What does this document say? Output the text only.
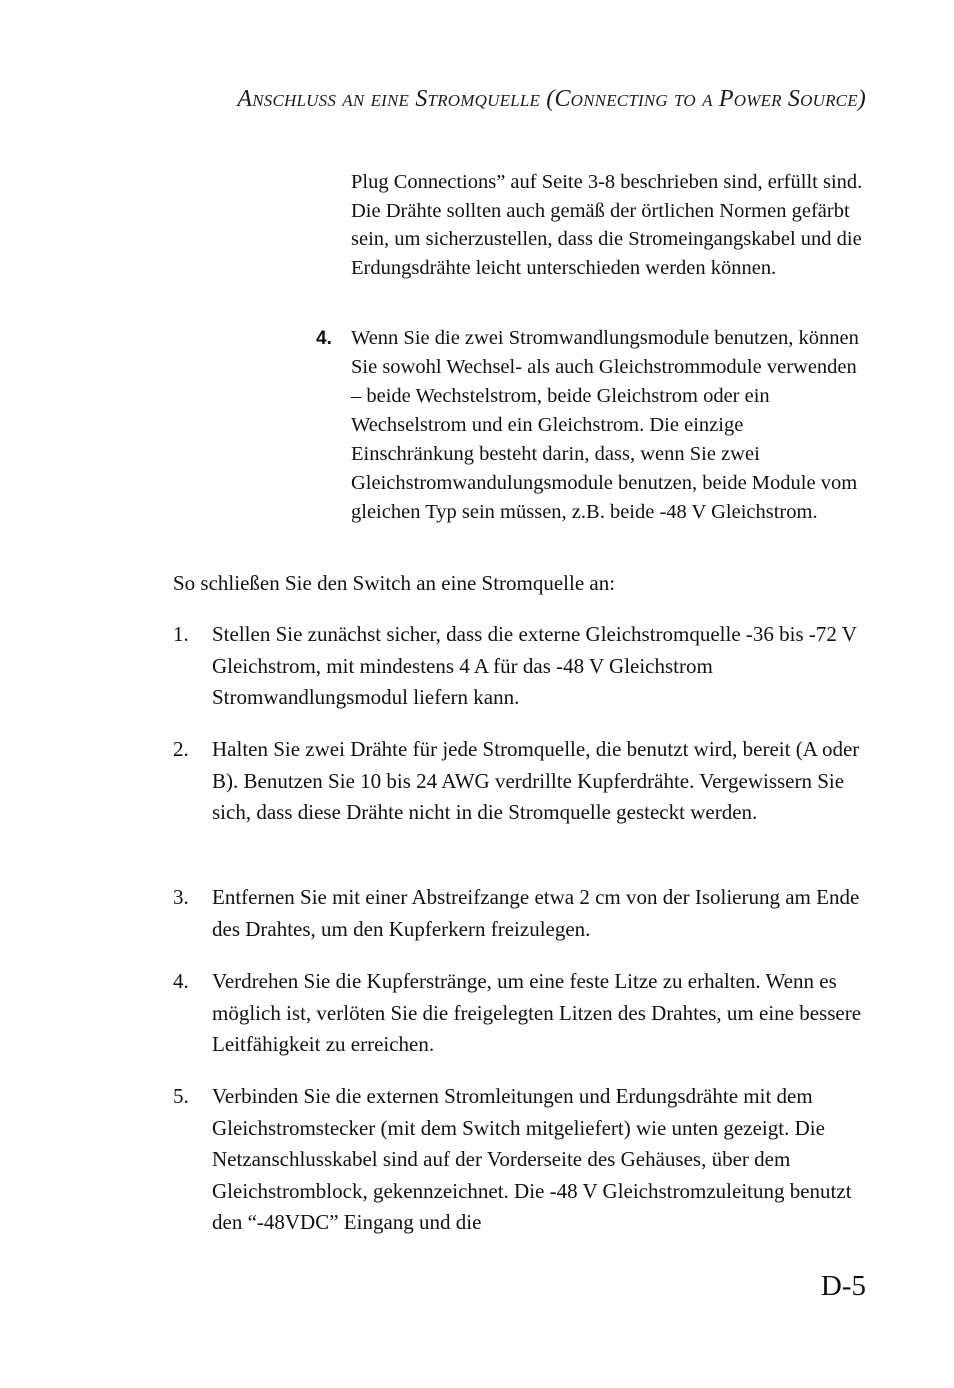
Anschluss an eine Stromquelle (Connecting to a Power Source)
Plug Connections” auf Seite 3-8 beschrieben sind, erfüllt sind. Die Drähte sollten auch gemäß der örtlichen Normen gefärbt sein, um sicherzustellen, dass die Stromeingangskabel und die Erdungsdrähte leicht unterschieden werden können.
4. Wenn Sie die zwei Stromwandlungsmodule benutzen, können Sie sowohl Wechsel- als auch Gleichstrommodule verwenden – beide Wechstelstrom, beide Gleichstrom oder ein Wechselstrom und ein Gleichstrom. Die einzige Einschränkung besteht darin, dass, wenn Sie zwei Gleichstromwandulungsmodule benutzen, beide Module vom gleichen Typ sein müssen, z.B. beide -48 V Gleichstrom.
So schließen Sie den Switch an eine Stromquelle an:
1. Stellen Sie zunächst sicher, dass die externe Gleichstromquelle -36 bis -72 V Gleichstrom, mit mindestens 4 A für das -48 V Gleichstrom Stromwandlungsmodul liefern kann.
2. Halten Sie zwei Drähte für jede Stromquelle, die benutzt wird, bereit (A oder B). Benutzen Sie 10 bis 24 AWG verdrillte Kupferdrähte. Vergewissern Sie sich, dass diese Drähte nicht in die Stromquelle gesteckt werden.
3. Entfernen Sie mit einer Abstreifzange etwa 2 cm von der Isolierung am Ende des Drahtes, um den Kupferkern freizulegen.
4. Verdrehen Sie die Kupferstränge, um eine feste Litze zu erhalten. Wenn es möglich ist, verlöten Sie die freigelegten Litzen des Drahtes, um eine bessere Leitfähigkeit zu erreichen.
5. Verbinden Sie die externen Stromleitungen und Erdungsdrähte mit dem Gleichstromstecker (mit dem Switch mitgeliefert) wie unten gezeigt. Die Netzanschlusskabel sind auf der Vorderseite des Gehäuses, über dem Gleichstromblock, gekennzeichnet. Die -48 V Gleichstromzuleitung benutzt den “-48VDC” Eingang und die
D-5
